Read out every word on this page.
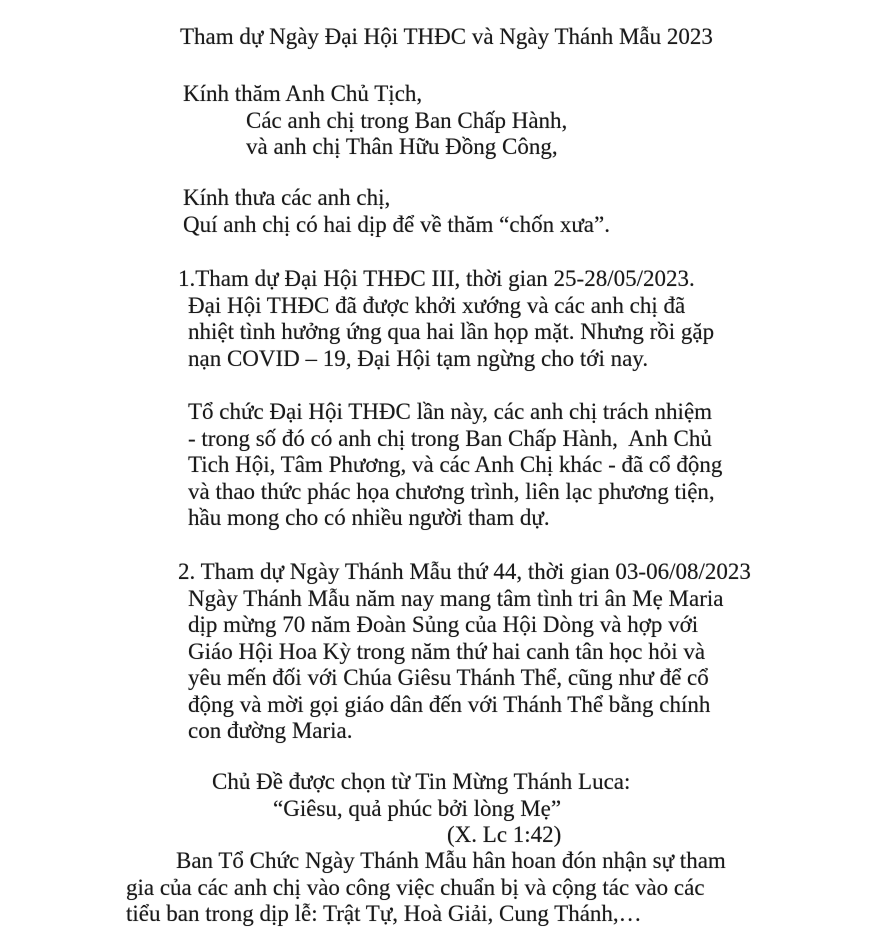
Tham dự Ngày Đại Hội THĐC và Ngày Thánh Mẫu 2023
Kính thăm Anh Chủ Tịch,
Các anh chị trong Ban Chấp Hành,
và anh chị Thân Hữu Đồng Công,
Kính thưa các anh chị,
Quí anh chị có hai dịp để về thăm “chốn xưa”.
1.Tham dự Đại Hội THĐC III, thời gian 25-28/05/2023.
Đại Hội THĐC đã được khởi xướng và các anh chị đã
nhiệt tình hưởng ứng qua hai lần họp mặt. Nhưng rồi gặp
nạn COVID – 19, Đại Hội tạm ngừng cho tới nay.
Tổ chức Đại Hội THĐC lần này, các anh chị trách nhiệm
- trong số đó có anh chị trong Ban Chấp Hành,  Anh Chủ
Tich Hội, Tâm Phương, và các Anh Chị khác - đã cổ động
và thao thức phác họa chương trình, liên lạc phương tiện,
hầu mong cho có nhiều người tham dự.
2. Tham dự Ngày Thánh Mẫu thứ 44, thời gian 03-06/08/2023
Ngày Thánh Mẫu năm nay mang tâm tình tri ân Mẹ Maria
dịp mừng 70 năm Đoàn Sủng của Hội Dòng và hợp với
Giáo Hội Hoa Kỳ trong năm thứ hai canh tân học hỏi và
yêu mến đối với Chúa Giêsu Thánh Thể, cũng như để cổ
động và mời gọi giáo dân đến với Thánh Thể bằng chính
con đường Maria.
Chủ Đề được chọn từ Tin Mừng Thánh Luca:
“Giêsu, quả phúc bởi lòng Mẹ”
(X. Lc 1:42)
Ban Tổ Chức Ngày Thánh Mẫu hân hoan đón nhận sự tham
gia của các anh chị vào công việc chuẩn bị và cộng tác vào các
tiểu ban trong dịp lễ: Trật Tự, Hoà Giải, Cung Thánh,…
